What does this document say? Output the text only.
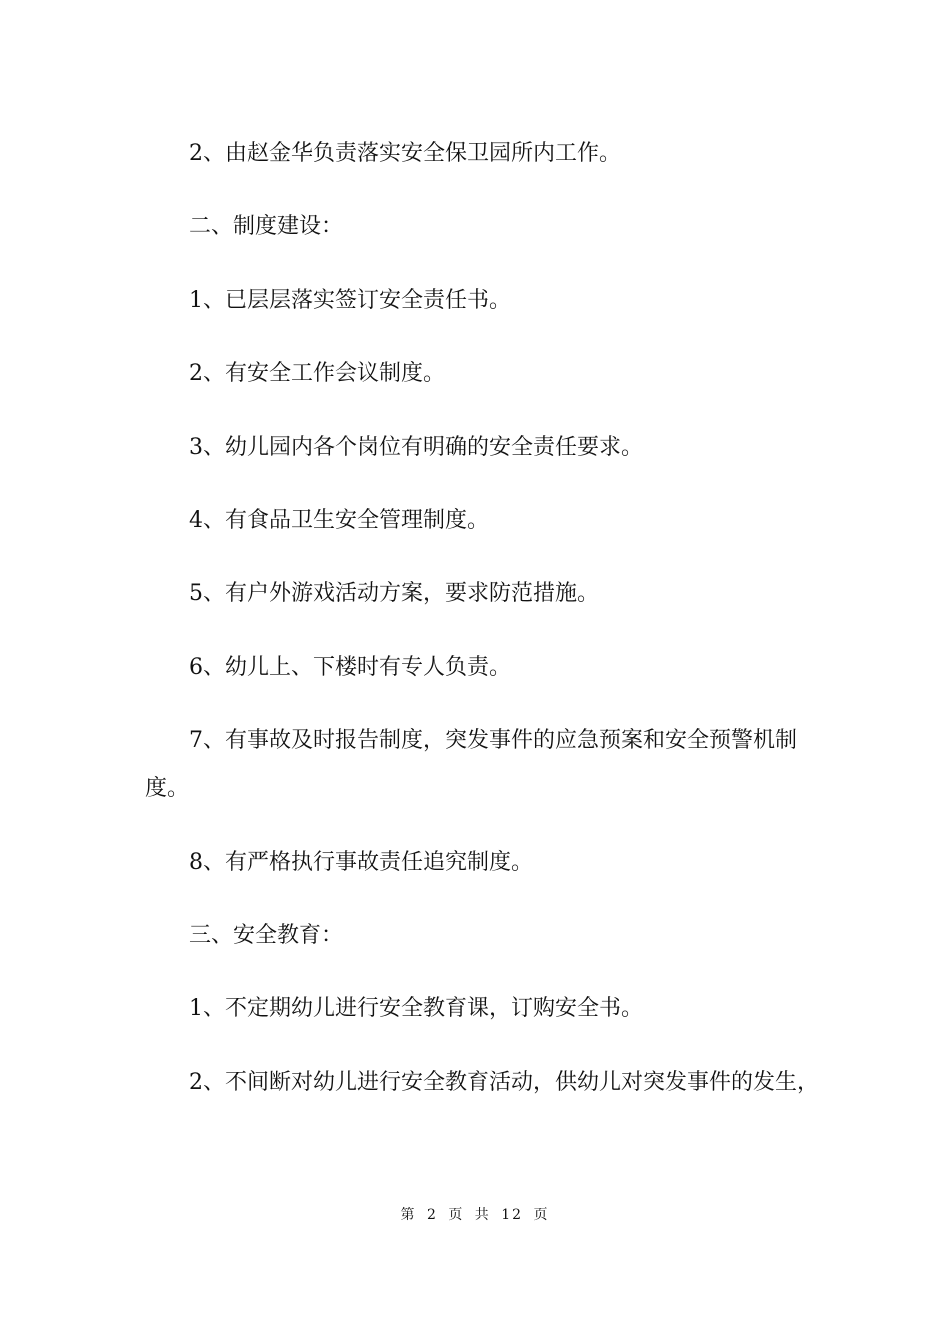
2、由赵金华负责落实安全保卫园所内工作。

二、制度建设：

1、已层层落实签订安全责任书。

2、有安全工作会议制度。

3、幼儿园内各个岗位有明确的安全责任要求。

4、有食品卫生安全管理制度。

5、有户外游戏活动方案，要求防范措施。

6、幼儿上、下楼时有专人负责。

7、有事故及时报告制度，突发事件的应急预案和安全预警机制度。

8、有严格执行事故责任追究制度。

三、安全教育：

1、不定期幼儿进行安全教育课，订购安全书。

2、不间断对幼儿进行安全教育活动，供幼儿对突发事件的发生，

第 2 页 共 12 页
